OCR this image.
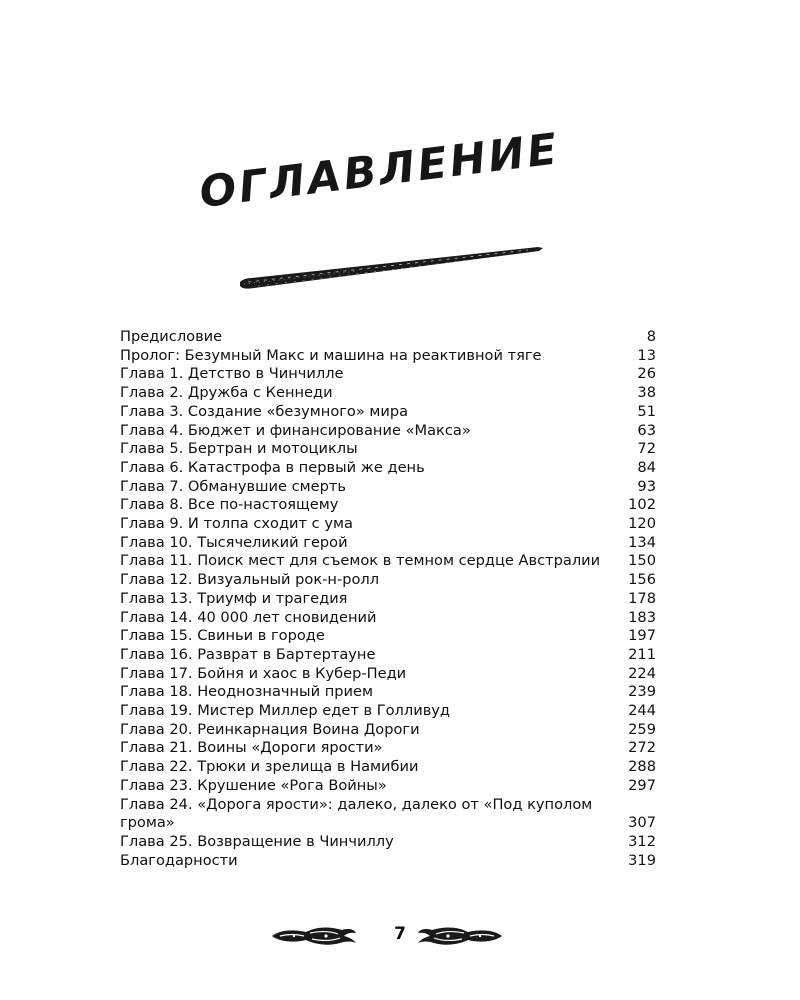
ОГЛАВЛЕНИЕ
Предисловие	8
Пролог: Безумный Макс и машина на реактивной тяге	13
Глава 1. Детство в Чинчилле	26
Глава 2. Дружба с Кеннеди	38
Глава 3. Создание «безумного» мира	51
Глава 4. Бюджет и финансирование «Макса»	63
Глава 5. Бертран и мотоциклы	72
Глава 6. Катастрофа в первый же день	84
Глава 7. Обманувшие смерть	93
Глава 8. Все по-настоящему	102
Глава 9. И толпа сходит с ума	120
Глава 10. Тысячеликий герой	134
Глава 11. Поиск мест для съемок в темном сердце Австралии	150
Глава 12. Визуальный рок-н-ролл	156
Глава 13. Триумф и трагедия	178
Глава 14. 40 000 лет сновидений	183
Глава 15. Свиньи в городе	197
Глава 16. Разврат в Бартертауне	211
Глава 17. Бойня и хаос в Кубер-Педи	224
Глава 18. Неоднозначный прием	239
Глава 19. Мистер Миллер едет в Голливуд	244
Глава 20. Реинкарнация Воина Дороги	259
Глава 21. Воины «Дороги ярости»	272
Глава 22. Трюки и зрелища в Намибии	288
Глава 23. Крушение «Рога Войны»	297
Глава 24. «Дорога ярости»: далеко, далеко от «Под куполом грома»	307
Глава 25. Возвращение в Чинчиллу	312
Благодарности	319
7
